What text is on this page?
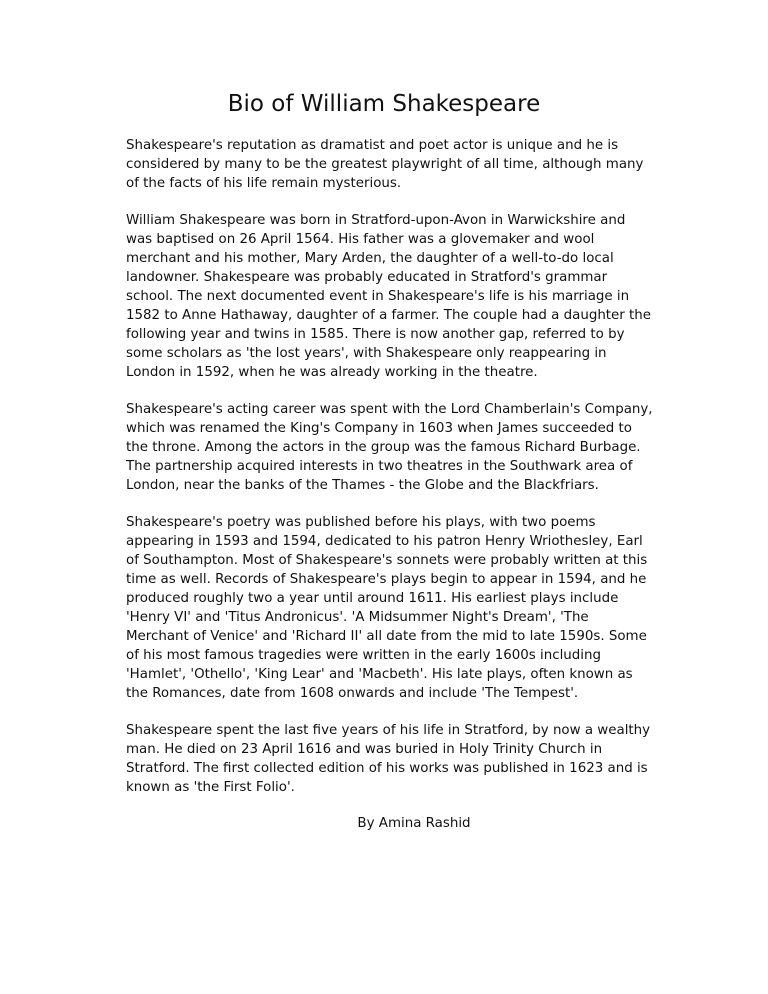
Bio of William Shakespeare

Shakespeare's reputation as dramatist and poet actor is unique and he is considered by many to be the greatest playwright of all time, although many of the facts of his life remain mysterious.

William Shakespeare was born in Stratford-upon-Avon in Warwickshire and was baptised on 26 April 1564. His father was a glovemaker and wool merchant and his mother, Mary Arden, the daughter of a well-to-do local landowner. Shakespeare was probably educated in Stratford's grammar school. The next documented event in Shakespeare's life is his marriage in 1582 to Anne Hathaway, daughter of a farmer. The couple had a daughter the following year and twins in 1585. There is now another gap, referred to by some scholars as 'the lost years', with Shakespeare only reappearing in London in 1592, when he was already working in the theatre.

Shakespeare's acting career was spent with the Lord Chamberlain's Company, which was renamed the King's Company in 1603 when James succeeded to the throne. Among the actors in the group was the famous Richard Burbage. The partnership acquired interests in two theatres in the Southwark area of London, near the banks of the Thames - the Globe and the Blackfriars.

Shakespeare's poetry was published before his plays, with two poems appearing in 1593 and 1594, dedicated to his patron Henry Wriothesley, Earl of Southampton. Most of Shakespeare's sonnets were probably written at this time as well. Records of Shakespeare's plays begin to appear in 1594, and he produced roughly two a year until around 1611. His earliest plays include 'Henry VI' and 'Titus Andronicus'. 'A Midsummer Night's Dream', 'The Merchant of Venice' and 'Richard II' all date from the mid to late 1590s. Some of his most famous tragedies were written in the early 1600s including 'Hamlet', 'Othello', 'King Lear' and 'Macbeth'. His late plays, often known as the Romances, date from 1608 onwards and include 'The Tempest'.

Shakespeare spent the last five years of his life in Stratford, by now a wealthy man. He died on 23 April 1616 and was buried in Holy Trinity Church in Stratford. The first collected edition of his works was published in 1623 and is known as 'the First Folio'.

By Amina Rashid
